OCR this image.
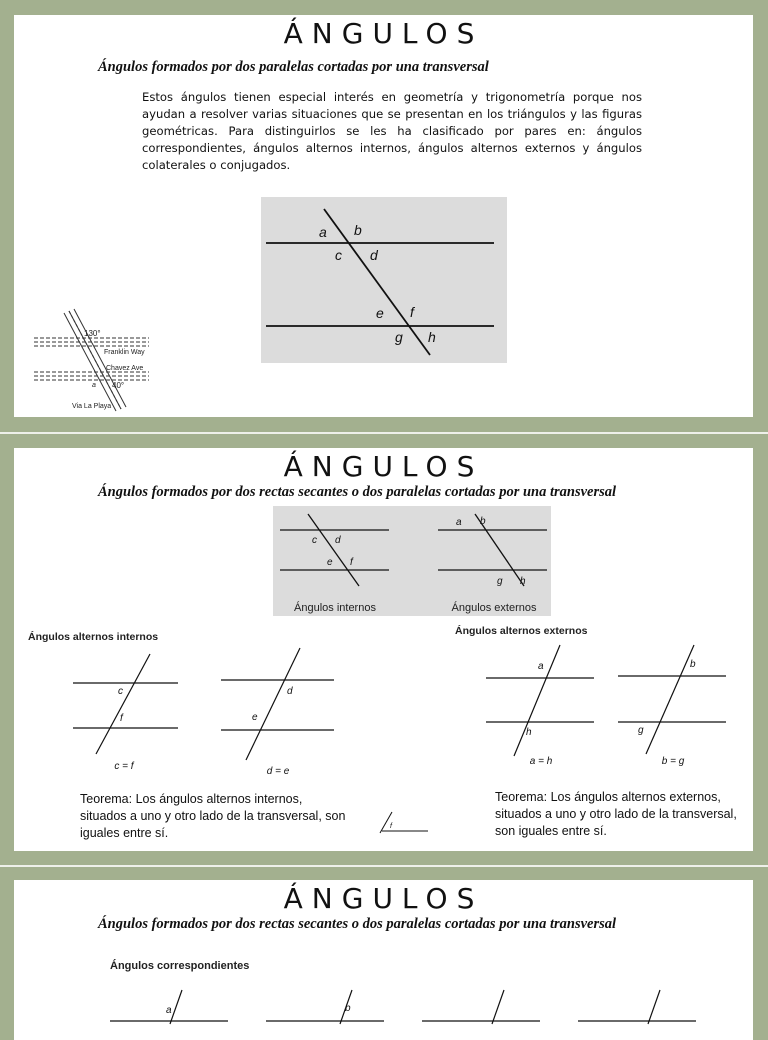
ÁNGULOS
Ángulos formados por dos paralelas cortadas por una transversal
Estos ángulos tienen especial interés en geometría y trigonometría porque nos ayudan a resolver varias situaciones que se presentan en los triángulos y las figuras geométricas. Para distinguirlos se les ha clasificado por pares en: ángulos correspondientes, ángulos alternos internos, ángulos alternos externos y ángulos colaterales o conjugados.
a b
c d
e f
g h
130°
Franklin Way
Chavez Ave
a 40°
Via La Playa
ÁNGULOS
Ángulos formados por dos rectas secantes o dos paralelas cortadas por una transversal
Ángulos alternos internos	Ángulos alternos externos
c d
e f
a b
g h
Ángulos internos	Ángulos externos
c
f
d
e
c = f	d = e
a
h
b
g
a = h	b = g
f
Teorema: Los ángulos alternos internos, situados a uno y otro lado de la transversal, son iguales entre sí.
Teorema: Los ángulos alternos externos, situados a uno y otro lado de la transversal, son iguales entre sí.
ÁNGULOS
Ángulos formados por dos rectas secantes o dos paralelas cortadas por una transversal
Ángulos correspondientes
a	b
